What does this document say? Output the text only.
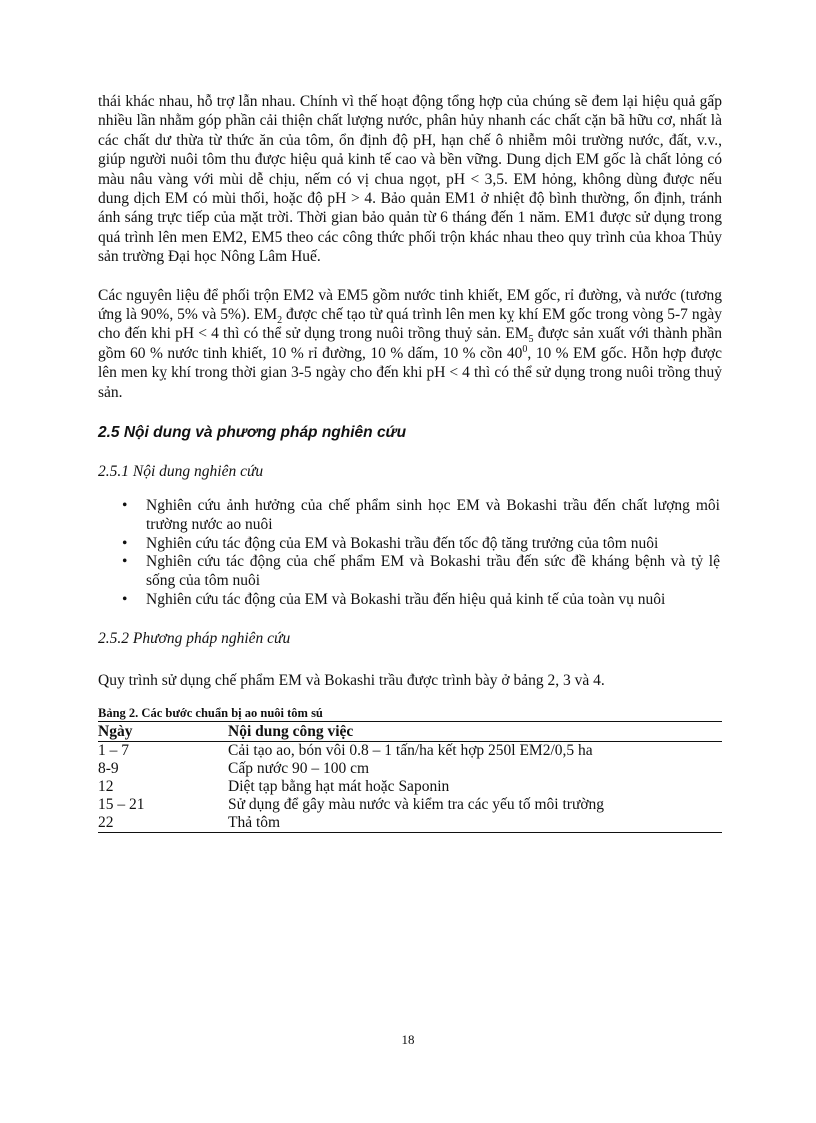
thái khác nhau, hỗ trợ lẫn nhau. Chính vì thế hoạt động tổng hợp của chúng sẽ đem lại hiệu quả gấp nhiều lần nhằm góp phần cải thiện chất lượng nước, phân hủy nhanh các chất cặn bã hữu cơ, nhất là các chất dư thừa từ thức ăn của tôm, ổn định độ pH, hạn chế ô nhiễm môi trường nước, đất, v.v., giúp người nuôi tôm thu được hiệu quả kinh tế cao và bền vững. Dung dịch EM gốc là chất lỏng có màu nâu vàng với mùi dễ chịu, nếm có vị chua ngọt, pH < 3,5. EM hỏng, không dùng được nếu dung dịch EM có mùi thối, hoặc độ pH > 4. Bảo quản EM1 ở nhiệt độ bình thường, ổn định, tránh ánh sáng trực tiếp của mặt trời. Thời gian bảo quản từ 6 tháng đến 1 năm. EM1 được sử dụng trong quá trình lên men EM2, EM5 theo các công thức phối trộn khác nhau theo quy trình của khoa Thủy sản trường Đại học Nông Lâm Huế.

Các nguyên liệu để phối trộn EM2 và EM5 gồm nước tinh khiết, EM gốc, rỉ đường, và nước (tương ứng là 90%, 5% và 5%). $EM_2$ được chế tạo từ quá trình lên men kỵ khí EM gốc trong vòng 5-7 ngày cho đến khi pH < 4 thì có thể sử dụng trong nuôi trồng thuỷ sản. $EM_5$ được sản xuất với thành phần gồm 60 % nước tinh khiết, 10 % rỉ đường, 10 % dấm, 10 % cồn $40^0$, 10 % EM gốc. Hỗn hợp được lên men kỵ khí trong thời gian 3-5 ngày cho đến khi pH < 4 thì có thể sử dụng trong nuôi trồng thuỷ sản.

2.5 Nội dung và phương pháp nghiên cứu
2.5.1 Nội dung nghiên cứu
• Nghiên cứu ảnh hưởng của chế phẩm sinh học EM và Bokashi trầu đến chất lượng môi trường nước ao nuôi
• Nghiên cứu tác động của EM và Bokashi trầu đến tốc độ tăng trưởng của tôm nuôi
• Nghiên cứu tác động của chế phẩm EM và Bokashi trầu đến sức đề kháng bệnh và tỷ lệ sống của tôm nuôi
• Nghiên cứu tác động của EM và Bokashi trầu đến hiệu quả kinh tế của toàn vụ nuôi
2.5.2 Phương pháp nghiên cứu

Quy trình sử dụng chế phẩm EM và Bokashi trầu được trình bày ở bảng 2, 3 và 4.

Bảng 2. Các bước chuẩn bị ao nuôi tôm sú
Ngày	Nội dung công việc
1 – 7	Cải tạo ao, bón vôi 0.8 – 1 tấn/ha kết hợp 250l EM2/0,5 ha
8-9	Cấp nước 90 – 100 cm
12	Diệt tạp bằng hạt mát hoặc Saponin
15 – 21	Sử dụng để gây màu nước và kiểm tra các yếu tố môi trường
22	Thả tôm
18
